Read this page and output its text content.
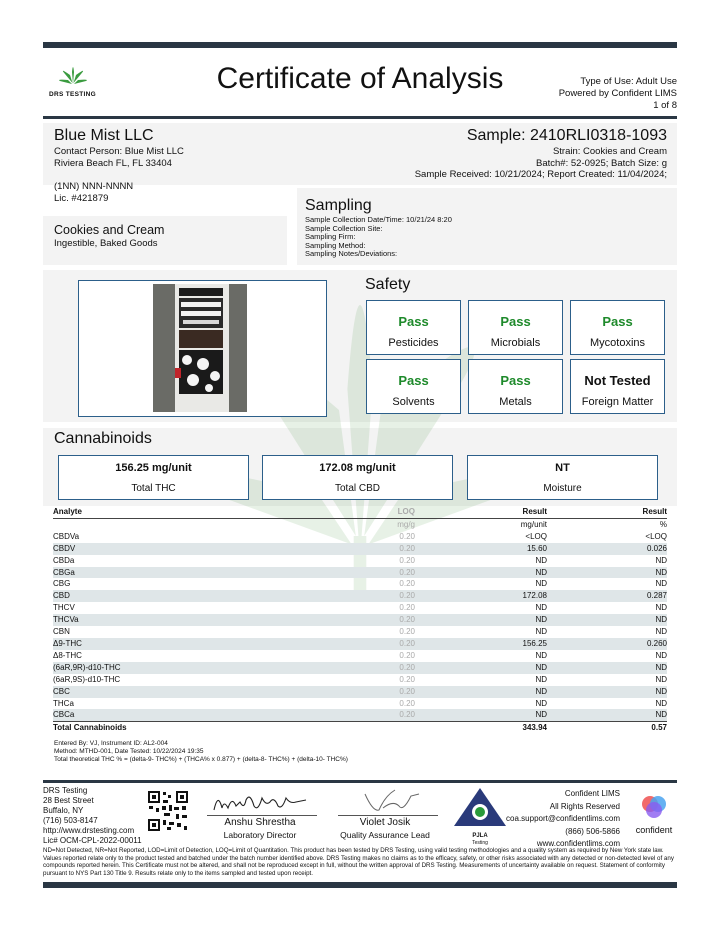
DRS TESTING	Certificate of Analysis	Type of Use: Adult Use
Powered by Confident LIMS
1 of 8
Blue Mist LLC
Contact Person: Blue Mist LLC
Riviera Beach FL, FL 33404
(1NN) NNN-NNNN
Lic. #421879
Sample: 2410RLI0318-1093
Strain: Cookies and Cream
Batch#: 52-0925; Batch Size: g
Sample Received: 10/21/2024; Report Created: 11/04/2024;
Sampling
Sample Collection Date/Time: 10/21/24 8:20
Sample Collection Site:
Sampling Firm:
Sampling Method:
Sampling Notes/Deviations:
Cookies and Cream
Ingestible, Baked Goods
Safety
Pass
Pesticides
Pass
Microbials
Pass
Mycotoxins
Pass
Solvents
Pass
Metals
Not Tested
Foreign Matter
Cannabinoids
156.25 mg/unit
Total THC
172.08 mg/unit
Total CBD
NT
Moisture
Analyte	LOQ	Result	Result
	mg/g	mg/unit	%
CBDVa	0.20	<LOQ	<LOQ
CBDV	0.20	15.60	0.026
CBDa	0.20	ND	ND
CBGa	0.20	ND	ND
CBG	0.20	ND	ND
CBD	0.20	172.08	0.287
THCV	0.20	ND	ND
THCVa	0.20	ND	ND
CBN	0.20	ND	ND
Δ9-THC	0.20	156.25	0.260
Δ8-THC	0.20	ND	ND
(6aR,9R)-d10-THC	0.20	ND	ND
(6aR,9S)-d10-THC	0.20	ND	ND
CBC	0.20	ND	ND
THCa	0.20	ND	ND
CBCa	0.20	ND	ND
Total Cannabinoids		343.94	0.57
Entered By: VJ, Instrument ID: AL2-004
Method: MTHD-001, Date Tested: 10/22/2024 19:35
Total theoretical THC % = (delta-9- THC%) + (THCA% x 0.877) + (delta-8- THC%) + (delta-10- THC%)
DRS Testing
28 Best Street
Buffalo, NY
(716) 503-8147
http://www.drstesting.com
Lic# OCM-CPL-2022-00011
Anshu Shrestha
Laboratory Director
Violet Josik
Quality Assurance Lead	PJLA
Testing
Confident LIMS
All Rights Reserved
coa.support@confidentlims.com
(866) 506-5866
www.confidentlims.com
confident
ND=Not Detected, NR=Not Reported, LOD=Limit of Detection, LOQ=Limit of Quantitation. This product has been tested by DRS Testing, using valid testing methodologies and a quality system as required by New York state law. Values reported relate only to the product tested and batched under the batch number identified above. DRS Testing makes no claims as to the efficacy, safety, or other risks associated with any detected or non-detected level of any compounds reported herein. This Certificate must not be altered, and shall not be reproduced except in full, without the written approval of DRS Testing. Measurements of uncertainty available on request. Statement of conformity pursuant to NYS Part 130 Title 9. Results relate only to the items sampled and tested upon receipt.
